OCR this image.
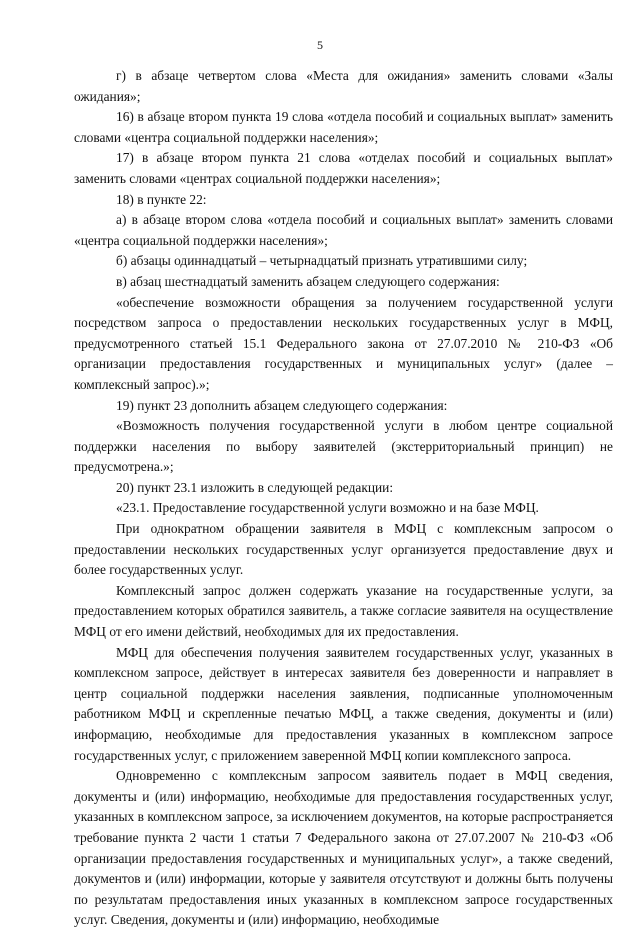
5

г) в абзаце четвертом слова «Места для ожидания» заменить словами «Залы ожидания»;

16) в абзаце втором пункта 19 слова «отдела пособий и социальных выплат» заменить словами «центра социальной поддержки населения»;

17) в абзаце втором пункта 21 слова «отделах пособий и социальных выплат» заменить словами «центрах социальной поддержки населения»;

18) в пункте 22:

а) в абзаце втором слова «отдела пособий и социальных выплат» заменить словами «центра социальной поддержки населения»;

б) абзацы одиннадцатый – четырнадцатый признать утратившими силу;

в) абзац шестнадцатый заменить абзацем следующего содержания:

«обеспечение возможности обращения за получением государственной услуги посредством запроса о предоставлении нескольких государственных услуг в МФЦ, предусмотренного статьей 15.1 Федерального закона от 27.07.2010 № 210-ФЗ «Об организации предоставления государственных и муниципальных услуг» (далее – комплексный запрос).»;

19) пункт 23 дополнить абзацем следующего содержания:

«Возможность получения государственной услуги в любом центре социальной поддержки населения по выбору заявителей (экстерриториальный принцип) не предусмотрена.»;

20) пункт 23.1 изложить в следующей редакции:

«23.1. Предоставление государственной услуги возможно и на базе МФЦ.

При однократном обращении заявителя в МФЦ с комплексным запросом о предоставлении нескольких государственных услуг организуется предоставление двух и более государственных услуг.

Комплексный запрос должен содержать указание на государственные услуги, за предоставлением которых обратился заявитель, а также согласие заявителя на осуществление МФЦ от его имени действий, необходимых для их предоставления.

МФЦ для обеспечения получения заявителем государственных услуг, указанных в комплексном запросе, действует в интересах заявителя без доверенности и направляет в центр социальной поддержки населения заявления, подписанные уполномоченным работником МФЦ и скрепленные печатью МФЦ, а также сведения, документы и (или) информацию, необходимые для предоставления указанных в комплексном запросе государственных услуг, с приложением заверенной МФЦ копии комплексного запроса.

Одновременно с комплексным запросом заявитель подает в МФЦ сведения, документы и (или) информацию, необходимые для предоставления государственных услуг, указанных в комплексном запросе, за исключением документов, на которые распространяется требование пункта 2 части 1 статьи 7 Федерального закона от 27.07.2007 № 210-ФЗ «Об организации предоставления государственных и муниципальных услуг», а также сведений, документов и (или) информации, которые у заявителя отсутствуют и должны быть получены по результатам предоставления иных указанных в комплексном запросе государственных услуг. Сведения, документы и (или) информацию, необходимые
